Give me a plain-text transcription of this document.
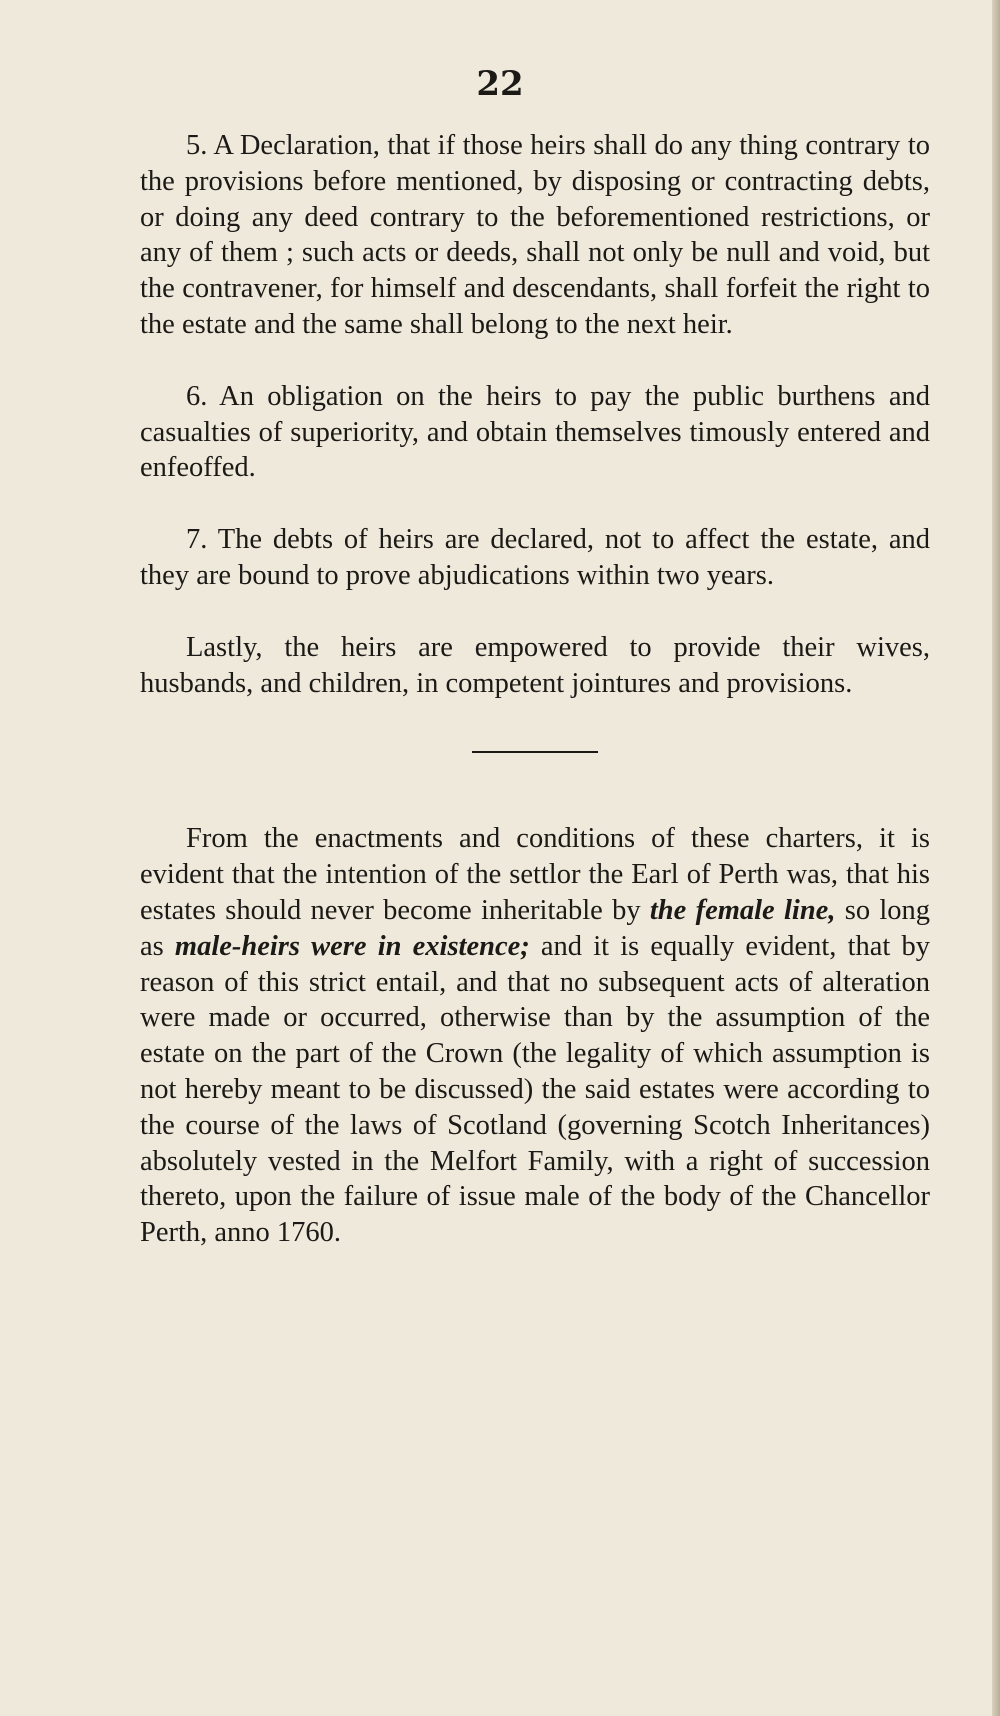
22

5. A Declaration, that if those heirs shall do any thing contrary to the provisions before mentioned, by disposing or contracting debts, or doing any deed contrary to the beforementioned restrictions, or any of them ; such acts or deeds, shall not only be null and void, but the contravener, for himself and descendants, shall forfeit the right to the estate and the same shall belong to the next heir.

6. An obligation on the heirs to pay the public burthens and casualties of superiority, and obtain themselves timously entered and enfeoffed.

7. The debts of heirs are declared, not to affect the estate, and they are bound to prove abjudications within two years.

Lastly, the heirs are empowered to provide their wives, husbands, and children, in competent jointures and provisions.

From the enactments and conditions of these charters, it is evident that the intention of the settlor the Earl of Perth was, that his estates should never become inheritable by the female line, so long as male-heirs were in existence; and it is equally evident, that by reason of this strict entail, and that no subsequent acts of alteration were made or occurred, otherwise than by the assumption of the estate on the part of the Crown (the legality of which assumption is not hereby meant to be discussed) the said estates were according to the course of the laws of Scotland (governing Scotch Inheritances) absolutely vested in the Melfort Family, with a right of succession thereto, upon the failure of issue male of the body of the Chancellor Perth, anno 1760.
